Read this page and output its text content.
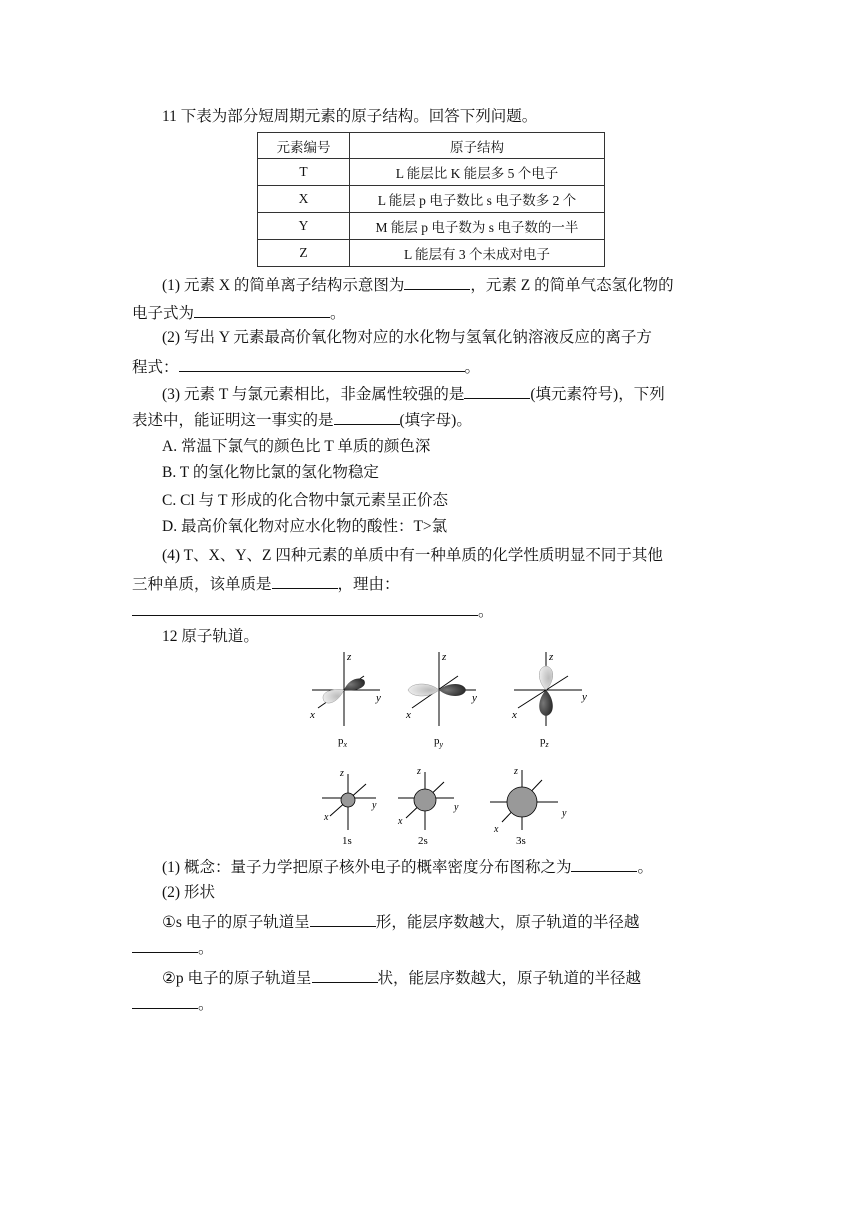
11 下表为部分短周期元素的原子结构。回答下列问题。
元素编号	原子结构
T	L 能层比 K 能层多 5 个电子
X	L 能层 p 电子数比 s 电子数多 2 个
Y	M 能层 p 电子数为 s 电子数的一半
Z	L 能层有 3 个未成对电子
(1) 元素 X 的简单离子结构示意图为	，元素 Z 的简单气态氢化物的
电子式为	。
(2) 写出 Y 元素最高价氧化物对应的水化物与氢氧化钠溶液反应的离子方
程式：	。
(3) 元素 T 与氯元素相比，非金属性较强的是	(填元素符号)，下列
表述中，能证明这一事实的是	(填字母)。
A. 常温下氯气的颜色比 T 单质的颜色深
B. T 的氢化物比氯的氢化物稳定
C. Cl 与 T 形成的化合物中氯元素呈正价态
D. 最高价氧化物对应水化物的酸性：T>氯
(4) T、X、Y、Z 四种元素的单质中有一种单质的化学性质明显不同于其他
三种单质，该单质是	，理由：
。
12 原子轨道。
z
y
x
z
y
x
z
y
x
$p_x$	$p_y$	$p_z$
z
y
x
1s
z
y
x
2s
z
y
x
3s
(1) 概念：量子力学把原子核外电子的概率密度分布图称之为	。
(2) 形状
①s 电子的原子轨道呈	形，能层序数越大，原子轨道的半径越
。
②p 电子的原子轨道呈	状，能层序数越大，原子轨道的半径越
。
